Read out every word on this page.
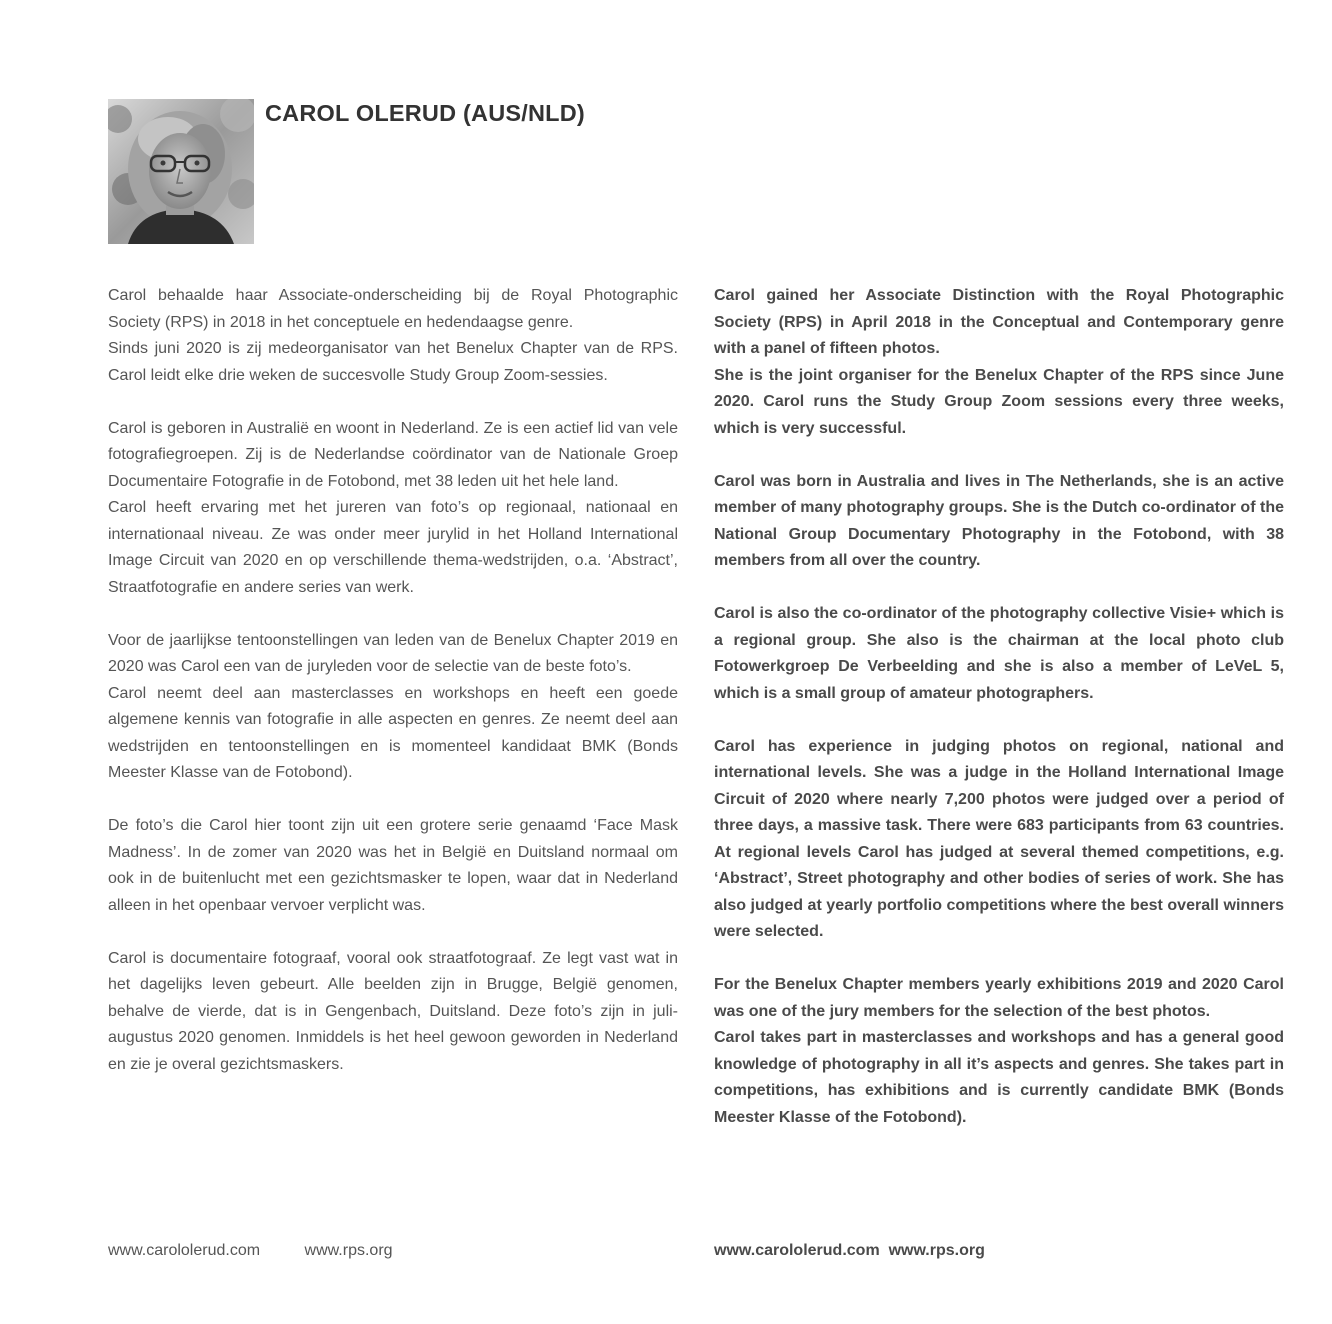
CAROL OLERUD (AUS/NLD)

Carol behaalde haar Associate-onderscheiding bij de Royal Photographic Society (RPS) in 2018 in het conceptuele en hedendaagse genre.

Sinds juni 2020 is zij medeorganisator van het Benelux Chapter van de RPS. Carol leidt elke drie weken de succesvolle Study Group Zoom-sessies.

Carol is geboren in Australië en woont in Nederland. Ze is een actief lid van vele fotografiegroepen. Zij is de Nederlandse coördinator van de Nationale Groep Documentaire Fotografie in de Fotobond, met 38 leden uit het hele land.

Carol heeft ervaring met het jureren van foto’s op regionaal, nationaal en internationaal niveau. Ze was onder meer jurylid in het Holland International Image Circuit van 2020 en op verschillende thema-wedstrijden, o.a. ‘Abstract’, Straatfotografie en andere series van werk.

Voor de jaarlijkse tentoonstellingen van leden van de Benelux Chapter 2019 en 2020 was Carol een van de juryleden voor de selectie van de beste foto’s.

Carol neemt deel aan masterclasses en workshops en heeft een goede algemene kennis van fotografie in alle aspecten en genres. Ze neemt deel aan wedstrijden en tentoonstellingen en is momenteel kandidaat BMK (Bonds Meester Klasse van de Fotobond).

De foto’s die Carol hier toont zijn uit een grotere serie genaamd ‘Face Mask Madness’. In de zomer van 2020 was het in België en Duitsland normaal om ook in de buitenlucht met een gezichtsmasker te lopen, waar dat in Nederland alleen in het openbaar vervoer verplicht was.

Carol is documentaire fotograaf, vooral ook straatfotograaf. Ze legt vast wat in het dagelijks leven gebeurt. Alle beelden zijn in Brugge, België genomen, behalve de vierde, dat is in Gengenbach, Duitsland. Deze foto’s zijn in juli-augustus 2020 genomen. Inmiddels is het heel gewoon geworden in Nederland en zie je overal gezichtsmaskers.

Carol gained her Associate Distinction with the Royal Photographic Society (RPS) in April 2018 in the Conceptual and Contemporary genre with a panel of fifteen photos.

She is the joint organiser for the Benelux Chapter of the RPS since June 2020. Carol runs the Study Group Zoom sessions every three weeks, which is very successful.

Carol was born in Australia and lives in The Netherlands, she is an active member of many photography groups. She is the Dutch co-ordinator of the National Group Documentary Photography in the Fotobond, with 38 members from all over the country.

Carol is also the co-ordinator of the photography collective Visie+ which is a regional group. She also is the chairman at the local photo club Fotowerkgroep De Verbeelding and she is also a member of LeVeL 5, which is a small group of amateur photographers.

Carol has experience in judging photos on regional, national and international levels. She was a judge in the Holland International Image Circuit of 2020 where nearly 7,200 photos were judged over a period of three days, a massive task. There were 683 participants from 63 countries. At regional levels Carol has judged at several themed competitions, e.g. ‘Abstract’, Street photography and other bodies of series of work. She has also judged at yearly portfolio competitions where the best overall winners were selected.

For the Benelux Chapter members yearly exhibitions 2019 and 2020 Carol was one of the jury members for the selection of the best photos.

Carol takes part in masterclasses and workshops and has a general good knowledge of photography in all it’s aspects and genres. She takes part in competitions, has exhibitions and is currently candidate BMK (Bonds Meester Klasse of the Fotobond).

www.carololerud.com	www.rps.org	www.carololerud.com www.rps.org
